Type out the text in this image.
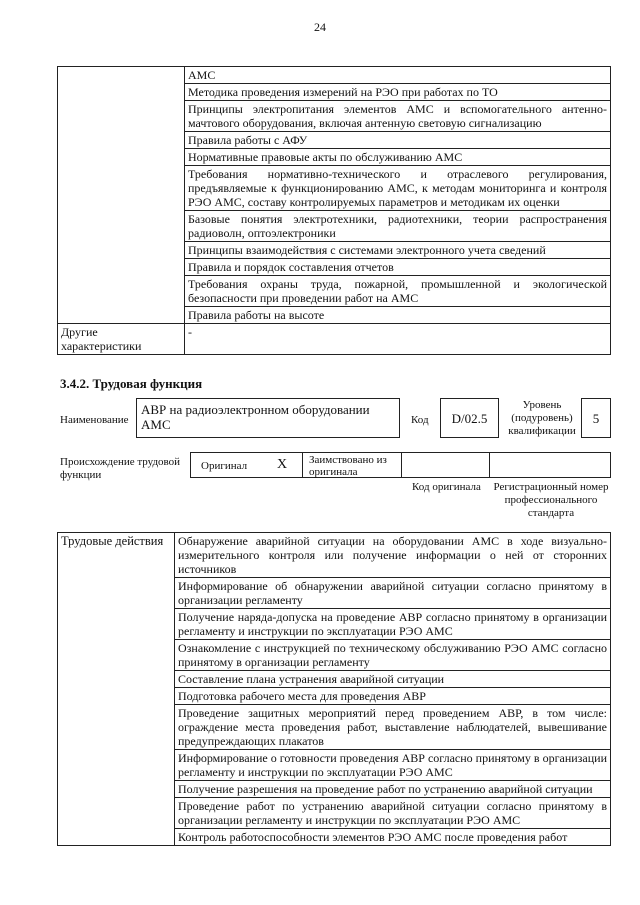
24
	АМС
	Методика проведения измерений на РЭО при работах по ТО
	Принципы электропитания элементов АМС и вспомогательного антенно-мачтового оборудования, включая антенную световую сигнализацию
	Правила работы с АФУ
	Нормативные правовые акты по обслуживанию АМС
	Требования нормативно-технического и отраслевого регулирования, предъявляемые к функционированию АМС, к методам мониторинга и контроля РЭО АМС, составу контролируемых параметров и методикам их оценки
	Базовые понятия электротехники, радиотехники, теории распространения радиоволн, оптоэлектроники
	Принципы взаимодействия с системами электронного учета сведений
	Правила и порядок составления отчетов
	Требования охраны труда, пожарной, промышленной и экологической безопасности при проведении работ на АМС
	Правила работы на высоте
Другие характеристики	-
3.4.2. Трудовая функция
Наименование
АВР на радиоэлектронном оборудовании АМС	Код	D/02.5
Уровень (подуровень) квалификации
5
Происхождение трудовой функции
Оригинал X Заимствовано из оригинала
Код оригинала	Регистрационный номер профессионального стандарта
Трудовые действия	Обнаружение аварийной ситуации на оборудовании АМС в ходе визуально-измерительного контроля или получение информации о ней от сторонних источников
Информирование об обнаружении аварийной ситуации согласно принятому в организации регламенту
Получение наряда-допуска на проведение АВР согласно принятому в организации регламенту и инструкции по эксплуатации РЭО АМС
Ознакомление с инструкцией по техническому обслуживанию РЭО АМС согласно принятому в организации регламенту
Составление плана устранения аварийной ситуации
Подготовка рабочего места для проведения АВР
Проведение защитных мероприятий перед проведением АВР, в том числе: ограждение места проведения работ, выставление наблюдателей, вывешивание предупреждающих плакатов
Информирование о готовности проведения АВР согласно принятому в организации регламенту и инструкции по эксплуатации РЭО АМС
Получение разрешения на проведение работ по устранению аварийной ситуации
Проведение работ по устранению аварийной ситуации согласно принятому в организации регламенту и инструкции по эксплуатации РЭО АМС
Контроль работоспособности элементов РЭО АМС после проведения работ
